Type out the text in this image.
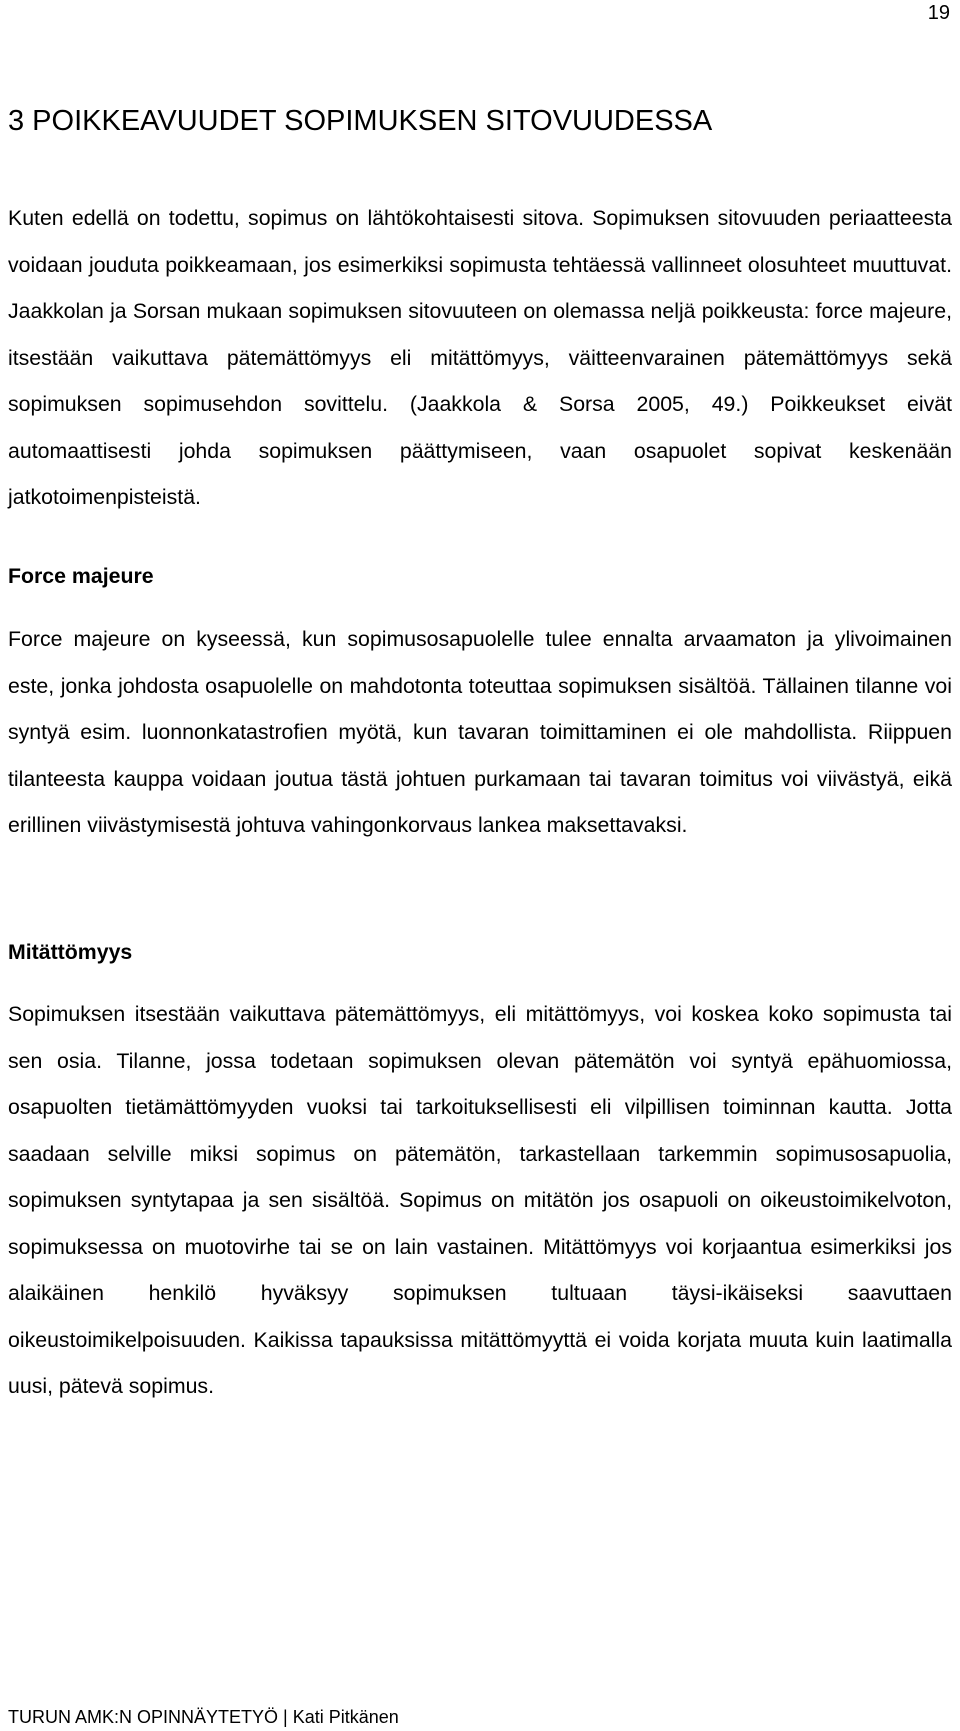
19
3 POIKKEAVUUDET SOPIMUKSEN SITOVUUDESSA

Kuten edellä on todettu, sopimus on lähtökohtaisesti sitova. Sopimuksen sitovuuden periaatteesta voidaan jouduta poikkeamaan, jos esimerkiksi sopimusta tehtäessä vallinneet olosuhteet muuttuvat. Jaakkolan ja Sorsan mukaan sopimuksen sitovuuteen on olemassa neljä poikkeusta: force majeure, itsestään vaikuttava pätemättömyys eli mitättömyys, väitteenvarainen pätemättömyys sekä sopimuksen sopimusehdon sovittelu. (Jaakkola & Sorsa 2005, 49.) Poikkeukset eivät automaattisesti johda sopimuksen päättymiseen, vaan osapuolet sopivat keskenään jatkotoimenpisteistä.

Force majeure

Force majeure on kyseessä, kun sopimusosapuolelle tulee ennalta arvaamaton ja ylivoimainen este, jonka johdosta osapuolelle on mahdotonta toteuttaa sopimuksen sisältöä. Tällainen tilanne voi syntyä esim. luonnonkatastrofien myötä, kun tavaran toimittaminen ei ole mahdollista. Riippuen tilanteesta kauppa voidaan joutua tästä johtuen purkamaan tai tavaran toimitus voi viivästyä, eikä erillinen viivästymisestä johtuva vahingonkorvaus lankea maksettavaksi.

Mitättömyys

Sopimuksen itsestään vaikuttava pätemättömyys, eli mitättömyys, voi koskea koko sopimusta tai sen osia. Tilanne, jossa todetaan sopimuksen olevan pätemätön voi syntyä epähuomiossa, osapuolten tietämättömyyden vuoksi tai tarkoituksellisesti eli vilpillisen toiminnan kautta. Jotta saadaan selville miksi sopimus on pätemätön, tarkastellaan tarkemmin sopimusosapuolia, sopimuksen syntytapaa ja sen sisältöä. Sopimus on mitätön jos osapuoli on oikeustoimikelvoton, sopimuksessa on muotovirhe tai se on lain vastainen. Mitättömyys voi korjaantua esimerkiksi jos alaikäinen henkilö hyväksyy sopimuksen tultuaan täysi-ikäiseksi saavuttaen oikeustoimikelpoisuuden. Kaikissa tapauksissa mitättömyyttä ei voida korjata muuta kuin laatimalla uusi, pätevä sopimus.

TURUN AMK:N OPINNÄYTETYÖ | Kati Pitkänen
